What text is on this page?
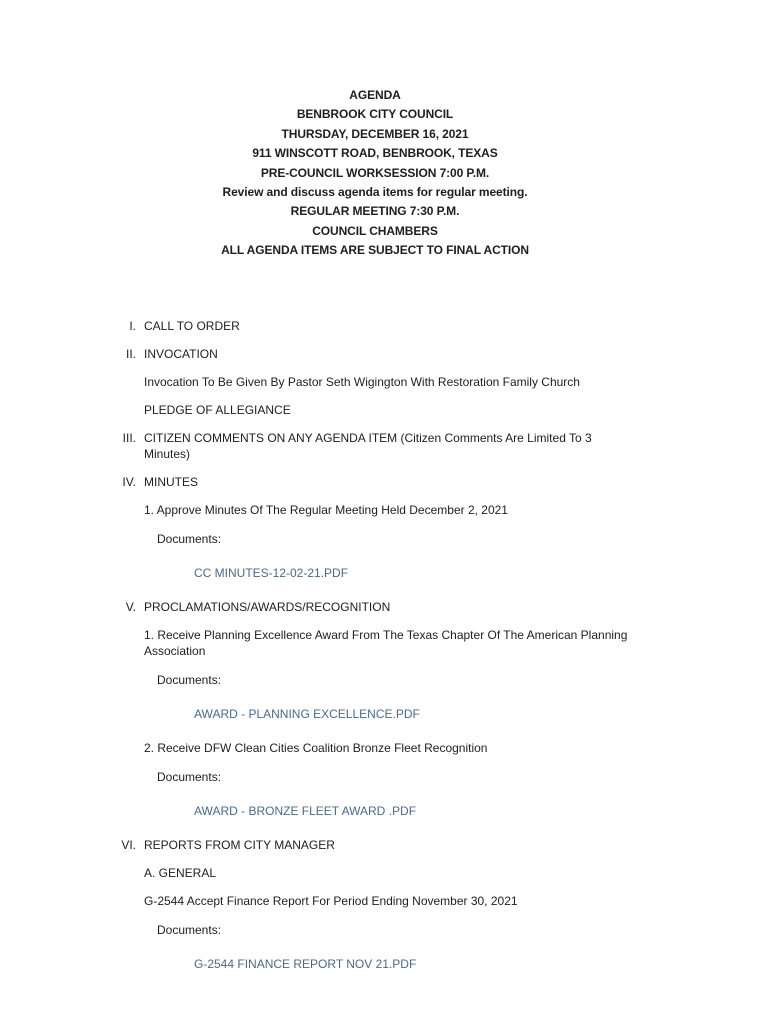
AGENDA
BENBROOK CITY COUNCIL
THURSDAY, DECEMBER 16, 2021
911 WINSCOTT ROAD, BENBROOK, TEXAS
PRE-COUNCIL WORKSESSION 7:00 P.M.
Review and discuss agenda items for regular meeting.
REGULAR MEETING 7:30 P.M.
COUNCIL CHAMBERS
ALL AGENDA ITEMS ARE SUBJECT TO FINAL ACTION
I. CALL TO ORDER
II. INVOCATION
Invocation To Be Given By Pastor Seth Wigington With Restoration Family Church
PLEDGE OF ALLEGIANCE
III. CITIZEN COMMENTS ON ANY AGENDA ITEM (Citizen Comments Are Limited To 3 Minutes)
IV. MINUTES
1. Approve Minutes Of The Regular Meeting Held December 2, 2021
Documents:
CC MINUTES-12-02-21.PDF
V. PROCLAMATIONS/AWARDS/RECOGNITION
1. Receive Planning Excellence Award From The Texas Chapter Of The American Planning Association
Documents:
AWARD - PLANNING EXCELLENCE.PDF
2. Receive DFW Clean Cities Coalition Bronze Fleet Recognition
Documents:
AWARD - BRONZE FLEET AWARD .PDF
VI. REPORTS FROM CITY MANAGER
A. GENERAL
G-2544 Accept Finance Report For Period Ending November 30, 2021
Documents:
G-2544 FINANCE REPORT NOV 21.PDF
